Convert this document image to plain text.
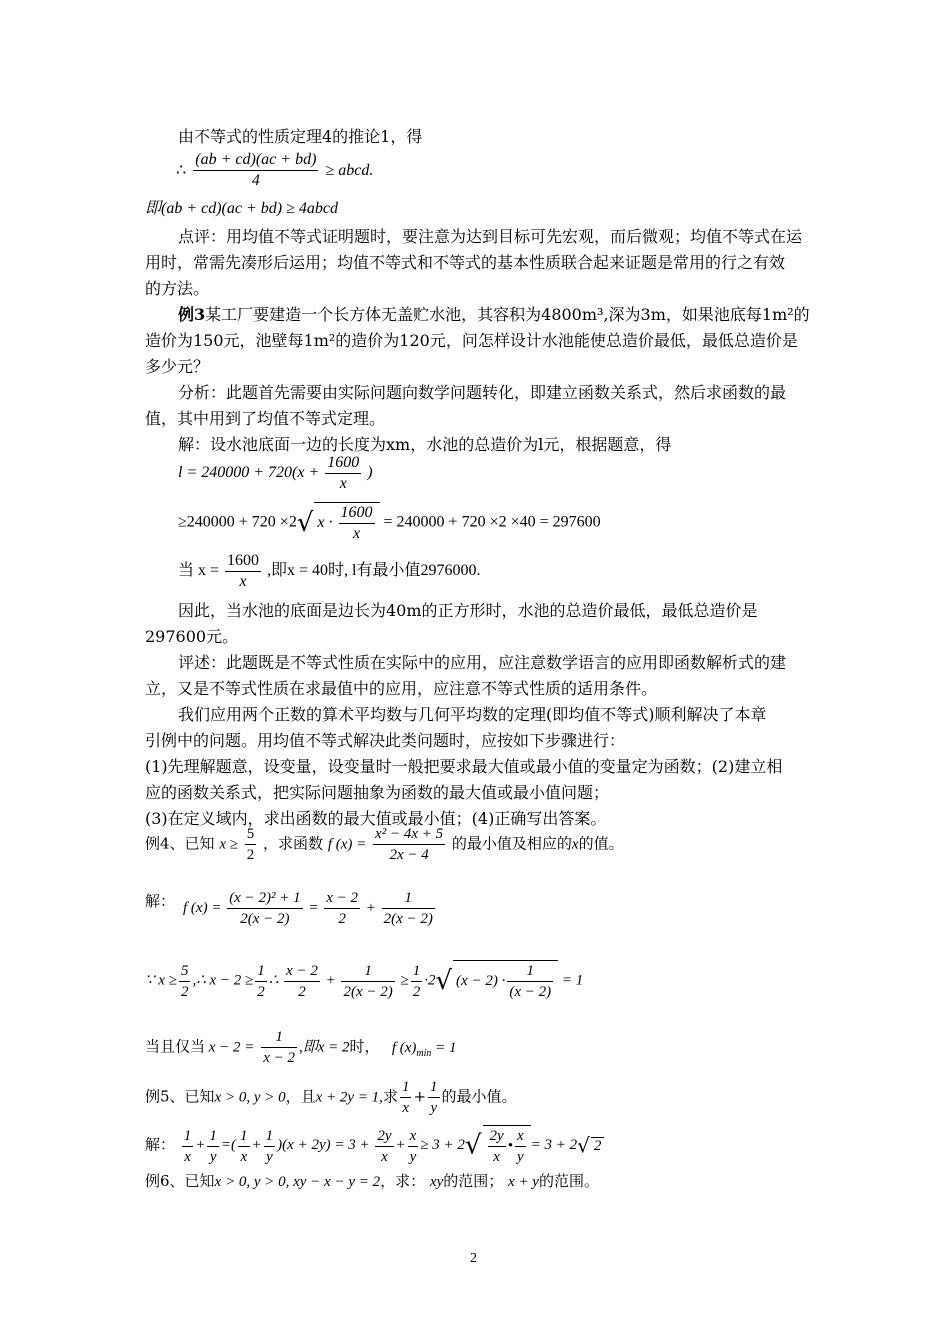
由不等式的性质定理4的推论1，得
∴ $\frac{(ab + cd)(ac + bd)}{4}$ ≥ abcd.
即(ab + cd)(ac + bd) ≥ 4abcd
点评：用均值不等式证明题时，要注意为达到目标可先宏观，而后微观；均值不等式在运
用时，常需先凑形后运用；均值不等式和不等式的基本性质联合起来证题是常用的行之有效
的方法。
例3某工厂要建造一个长方体无盖贮水池，其容积为4800m³,深为3m，如果池底每1m²的
造价为150元，池壁每1m²的造价为120元，问怎样设计水池能使总造价最低，最低总造价是
多少元？
分析：此题首先需要由实际问题向数学问题转化，即建立函数关系式，然后求函数的最
值，其中用到了均值不等式定理。
解：设水池底面一边的长度为xm，水池的总造价为l元，根据题意，得
$l = 240000 + 720(x + \frac{1600}{x}$ )
≥240000 + 720 ×2√ $x \cdot \frac{1600}{x} = 240000 + 720 \times 2 \times 40 = 297600$
当 $x = \frac{1600}{x}$ ,即x = 40时, l有最小值2976000.
因此，当水池的底面是边长为40m的正方形时，水池的总造价最低，最低总造价是
297600元。
评述：此题既是不等式性质在实际中的应用，应注意数学语言的应用即函数解析式的建
立，又是不等式性质在求最值中的应用，应注意不等式性质的适用条件。
我们应用两个正数的算术平均数与几何平均数的定理(即均值不等式)顺利解决了本章
引例中的问题。用均值不等式解决此类问题时，应按如下步骤进行：
(1)先理解题意，设变量，设变量时一般把要求最大值或最小值的变量定为函数；(2)建立相
应的函数关系式，把实际问题抽象为函数的最大值或最小值问题；
(3)在定义域内，求出函数的最大值或最小值；(4)正确写出答案。
例4、已知 $x \ge \frac{5}{2}$ ，求函数 f $(x) = \frac{\text{x² − 4x + 5}}{2x - 4}$ 的最小值及相应的x的值。
解： f $(x) = \frac{\text{(x − 2)² + 1}}{2(x - 2)} = \frac{x - 2}{2} + \frac{1}{2(x - 2)}$
∵ $x \ge \frac{5}{2}$ ,∴ $x - 2 \ge \frac{1}{2}$ ∴ $\frac{x - 2}{2} + \frac{1}{2(x - 2)} \ge \frac{1}{2} \cdot 2√$ $(x - 2) \cdot \frac{1}{(x - 2)} = 1$
当且仅当 $x - 2 = \frac{1}{x - 2}$ ,即x = 2时，   f $(x)_{min} = 1$
例5、已知x > 0, y > 0，且x + 2y = 1,求 $\frac{1}{x} + \frac{1}{y}$ 的最小值。
解： $\frac{1}{x} + \frac{1}{y}$ =( $\frac{1}{x} + \frac{1}{y} )(x + 2y) = 3 + \frac{2y}{x} + \frac{x}{y} \ge 3 + 2√ \frac{2y}{x}$ • $\frac{x}{y} = 3 + 2√$ 2
例6、已知x > 0, y > 0, xy − x − y = 2，求： xy的范围； x + y的范围。
2
